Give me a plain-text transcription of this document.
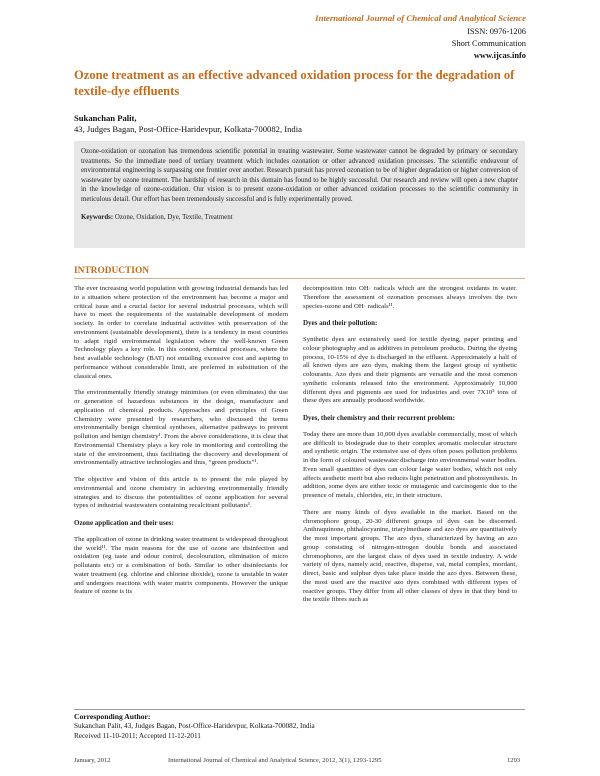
International Journal of Chemical and Analytical Science
ISSN: 0976-1206
Short Communication
www.ijcas.info
Ozone treatment as an effective advanced oxidation process for the degradation of textile-dye effluents
Sukanchan Palit,
43, Judges Bagan, Post-Office-Haridevpur, Kolkata-700082, India

Ozone-oxidation or ozonation has tremendous scientific potential in treating wastewater. Some wastewater cannot be degraded by primary or secondary treatments. So the immediate need of tertiary treatment which includes ozonation or other advanced oxidation processes. The scientific endeavour of environmental engineering is surpassing one frontier over another. Research pursuit has proved ozonation to be of higher degradation or higher conversion of wastewater by ozone treatment. The hardship of research in this domain has found to be highly successful. Our research and review will open a new chapter in the knowledge of ozone-oxidation. Our vision is to present ozone-oxidation or other advanced oxidation processes to the scientific community in meticulous detail. Our effort has been tremendously successful and is fully experimentally proved.

Keywords: Ozone, Oxidation, Dye, Textile, Treatment

INTRODUCTION

The ever increasing world population with growing industrial demands has led to a situation where protection of the environment has become a major and critical issue and a crucial factor for several industrial processes, which will have to meet the requirements of the sustainable development of modern society. In order to correlate industrial activities with preservation of the environment (sustainable development), there is a tendency in most countries to adapt rigid environmental legislation where the well-known Green Technology plays a key role. In this context, chemical processes, where the best available technology (BAT) not entailing excessive cost and aspiring to performance without considerable limit, are preferred in substitution of the classical ones.

The environmentally friendly strategy minimises (or even eliminates) the use or generation of hazardous substances in the design, manufacture and application of chemical products. Approaches and principles of Green Chemistry were presented by researchers, who discussed the terms environmentally benign chemical syntheses, alternative pathways to prevent pollution and benign chemistry¹. From the above considerations, it is clear that Environmental Chemistry plays a key role in monitoring and controlling the state of the environment, thus facilitating the discovery and development of environmentally attractive technologies and thus, “green products”¹.

The objective and vision of this article is to present the role played by environmental and ozone chemistry in achieving environmentally friendly strategies and to discuss the potentialities of ozone application for several types of industrial wastewaters containing recalcitrant pollutants¹.

Ozone application and their uses:

The application of ozone in drinking water treatment is widespread throughout the world¹¹. The main reasons for the use of ozone are disinfection and oxidation (eg taste and odour control, decolouration, elimination of micro pollutants etc) or a combination of both. Similar to other disinfectants for water treatment (eg. chlorine and chlorine dioxide), ozone is unstable in water and undergoes reactions with water matrix components. However the unique feature of ozone is its

decomposition into OH· radicals which are the strongest oxidants in water. Therefore the assessment of ozonation processes always involves the two species-ozone and OH· radicals¹¹.

Dyes and their pollution:

Synthetic dyes are extensively used for textile dyeing, paper printing and colour photography and as additives in petroleum products. During the dyeing process, 10-15% of dye is discharged in the effluent. Approximately a half of all known dyes are azo dyes, making them the largest group of synthetic colourants. Azo dyes and their pigments are versatile and the most common synthetic colorants released into the environment. Approximately 10,000 different dyes and pigments are used for industries and over 7X10⁵ tons of these dyes are annually produced worldwide.

Dyes, their chemistry and their recurrent problem:

Today there are more than 10,000 dyes available commercially, most of which are difficult to biodegrade due to their complex aromatic molecular structure and synthetic origin. The extensive use of dyes often poses pollution problems in the form of coloured wastewater discharge into environmental water bodies. Even small quantities of dyes can colour large water bodies, which not only affects aesthetic merit but also reduces light penetration and photosynthesis. In addition, some dyes are either toxic or mutagenic and carcinogenic due to the presence of metals, chlorides, etc, in their structure.

There are many kinds of dyes available in the market. Based on the chromophore group, 20-30 different groups of dyes can be discerned. Anthraquinone, phthalocyanine, triarylmethane and azo dyes are quantitatively the most important groups. The azo dyes, characterized by having an azo group consisting of nitrogen-nitrogen double bonds and associated chromophores, are the largest class of dyes used in textile industry. A wide variety of dyes, namely acid, reactive, disperse, vat, metal complex, mordant, direct, basic and sulphur dyes take place inside the azo dyes. Between these, the most used are the reactive azo dyes combined with different types of reactive groups. They differ from all other classes of dyes in that they bind to the textile fibres such as

Corresponding Author:
Sukanchan Palit, 43, Judges Bagan, Post-Office-Haridevpur, Kolkata-700082, India
Received 11-10-2011; Accepted 11-12-2011
January, 2012	International Journal of Chemical and Analytical Science, 2012, 3(1), 1293-1295	1293
